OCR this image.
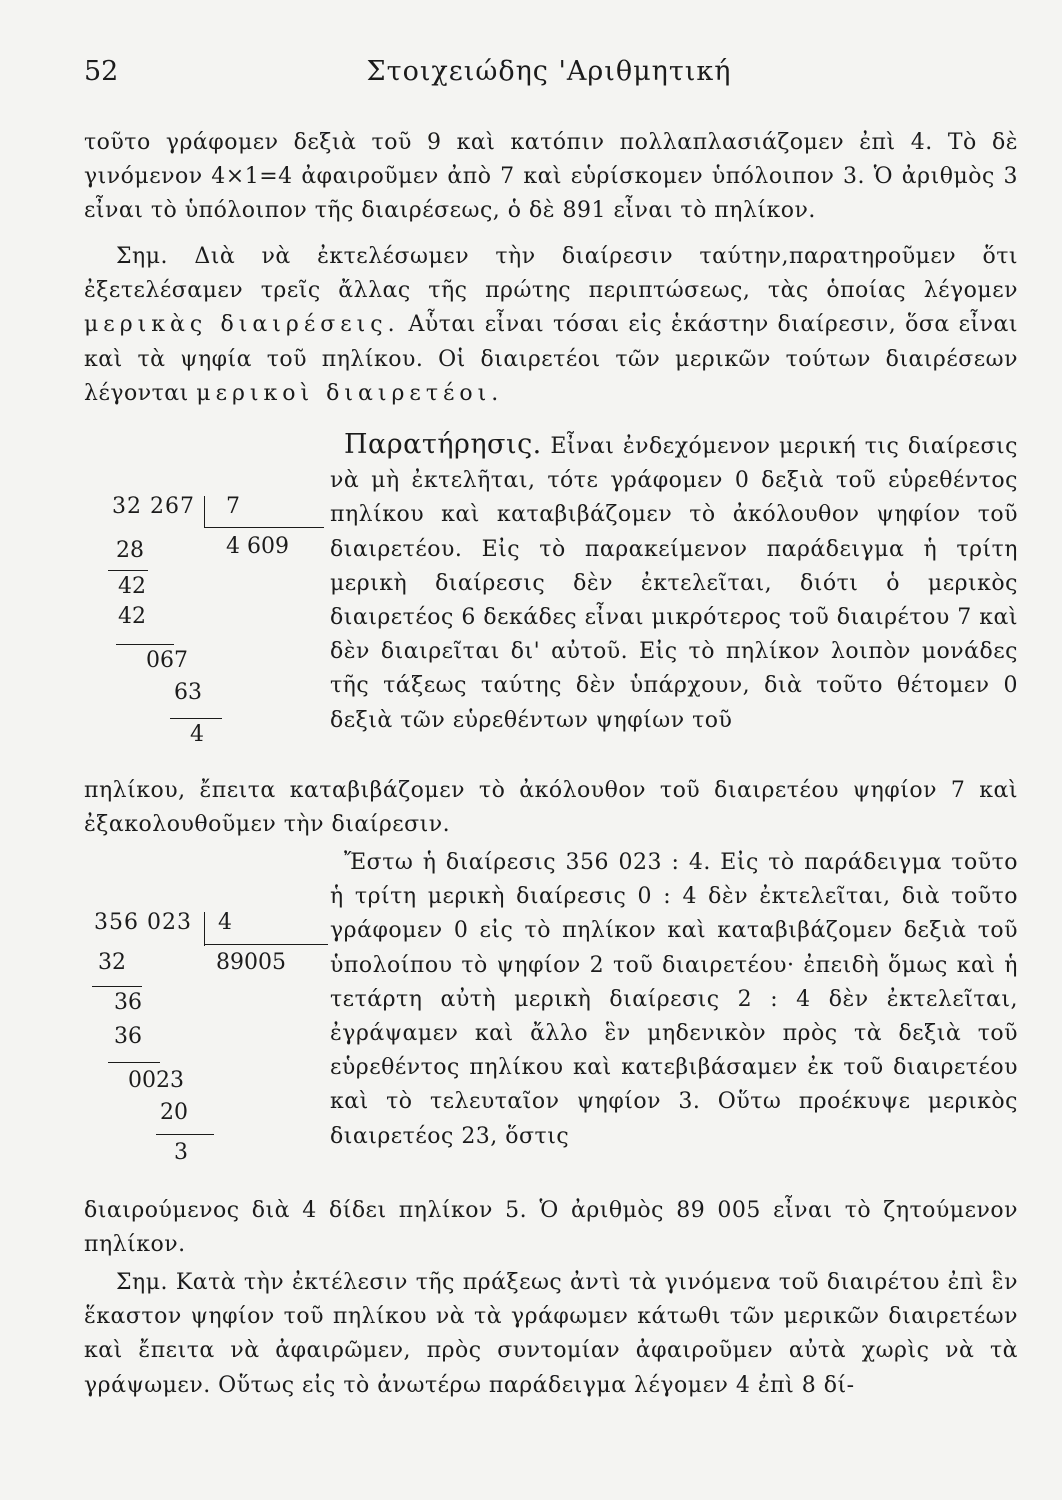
52	Στοιχειώδης 'Αριθμητική
τοῦτο γράφομεν δεξιὰ τοῦ 9 καὶ κατόπιν πολλαπλασιάζομεν ἐπὶ 4. Τὸ δὲ γινόμενον 4×1=4 ἀφαιροῦμεν ἀπὸ 7 καὶ εὑρίσκομεν ὑπόλοιπον 3. Ὁ ἀριθμὸς 3 εἶναι τὸ ὑπόλοιπον τῆς διαιρέσεως, ὁ δὲ 891 εἶναι τὸ πηλίκον.
Σημ. Διὰ νὰ ἐκτελέσωμεν τὴν διαίρεσιν ταύτην,παρατηροῦμεν ὅτι ἐξετελέσαμεν τρεῖς ἄλλας τῆς πρώτης περιπτώσεως, τὰς ὁποίας λέγομεν μερικὰς διαιρέσεις. Αὗται εἶναι τόσαι εἰς ἑκάστην διαίρεσιν, ὅσα εἶναι καὶ τὰ ψηφία τοῦ πηλίκου. Οἱ διαιρετέοι τῶν μερικῶν τούτων διαιρέσεων λέγονται μερικοὶ διαιρετέοι.
Παρατήρησις. Εἶναι ἐνδεχόμενον μερική τις διαίρεσις νὰ μὴ ἐκτελῆται, τότε γράφομεν 0 δεξιὰ τοῦ εὑρεθέντος πηλίκου καὶ καταβιβάζομεν τὸ ἀκόλουθον ψηφίον τοῦ διαιρετέου. Εἰς τὸ παρακείμενον παράδειγμα ἡ τρίτη μερικὴ διαίρεσις δὲν ἐκτελεῖται, διότι ὁ μερικὸς διαιρετέος 6 δεκάδες εἶναι μικρότερος τοῦ διαιρέτου 7 καὶ δὲν διαιρεῖται δι' αὐτοῦ. Εἰς τὸ πηλίκον λοιπὸν μονάδες τῆς τάξεως ταύτης δὲν ὑπάρχουν, διὰ τοῦτο θέτομεν 0 δεξιὰ τῶν εὑρεθέντων ψηφίων τοῦ
πηλίκου, ἔπειτα καταβιβάζομεν τὸ ἀκόλουθον τοῦ διαιρετέου ψηφίον 7 καὶ ἐξακολουθοῦμεν τὴν διαίρεσιν.
32 267 7
4 609
28
42
42
067
63
4
Ἔστω ἡ διαίρεσις 356 023 : 4. Εἰς τὸ παράδειγμα τοῦτο ἡ τρίτη μερικὴ διαίρεσις 0 : 4 δὲν ἐκτελεῖται, διὰ τοῦτο γράφομεν 0 εἰς τὸ πηλίκον καὶ καταβιβάζομεν δεξιὰ τοῦ ὑπολοίπου τὸ ψηφίον 2 τοῦ διαιρετέου· ἐπειδὴ ὅμως καὶ ἡ τετάρτη αὐτὴ μερικὴ διαίρεσις 2 : 4 δὲν ἐκτελεῖται, ἐγράψαμεν καὶ ἄλλο ἓν μηδενικὸν πρὸς τὰ δεξιὰ τοῦ εὑρεθέντος πηλίκου καὶ κατεβιβάσαμεν ἐκ τοῦ διαιρετέου καὶ τὸ τελευταῖον ψηφίον 3. Οὕτω προέκυψε μερικὸς διαιρετέος 23, ὅστις
διαιρούμενος διὰ 4 δίδει πηλίκον 5. Ὁ ἀριθμὸς 89 005 εἶναι τὸ ζητούμενον πηλίκον.
356 023 4
89005
32
36
36
0023
20
3
Σημ. Κατὰ τὴν ἐκτέλεσιν τῆς πράξεως ἀντὶ τὰ γινόμενα τοῦ διαιρέτου ἐπὶ ἓν ἕκαστον ψηφίον τοῦ πηλίκου νὰ τὰ γράφωμεν κάτωθι τῶν μερικῶν διαιρετέων καὶ ἔπειτα νὰ ἀφαιρῶμεν, πρὸς συντομίαν ἀφαιροῦμεν αὐτὰ χωρὶς νὰ τὰ γράψωμεν. Οὕτως εἰς τὸ ἀνωτέρω παράδειγμα λέγομεν 4 ἐπὶ 8 δί-
